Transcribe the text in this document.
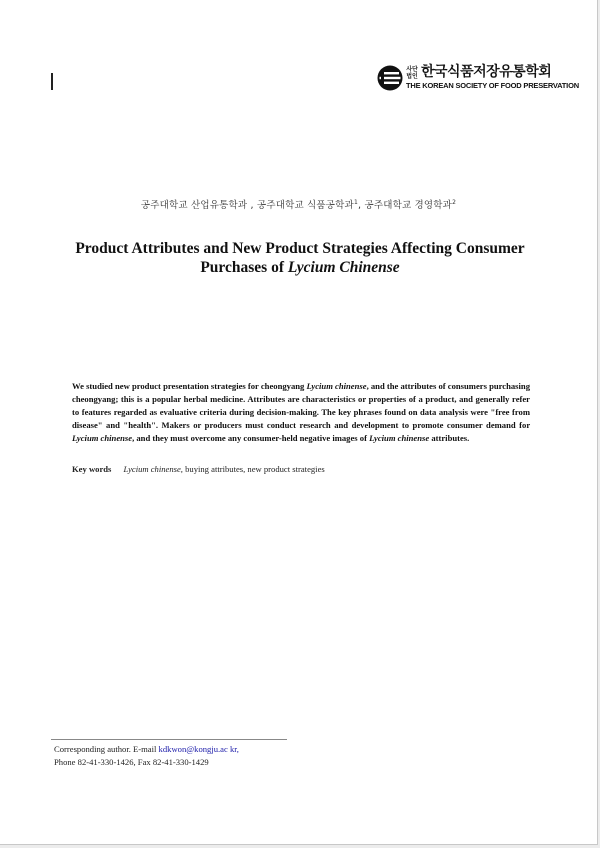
사단법인 한국식품저장유통학회
THE KOREAN SOCIETY OF FOOD PRESERVATION
공주대학교 산업유통학과 , 공주대학교 식품공학과$^1$, 공주대학교 경영학과$^2$
Product Attributes and New Product Strategies Affecting Consumer
Purchases of Lycium Chinense
We studied new product presentation strategies for cheongyang Lycium chinense, and the attributes of consumers purchasing cheongyang; this is a popular herbal medicine. Attributes are characteristics or properties of a product, and generally refer to features regarded as evaluative criteria during decision-making. The key phrases found on data analysis were "free from disease" and "health". Makers or producers must conduct research and development to promote consumer demand for Lycium chinense, and they must overcome any consumer-held negative images of Lycium chinense attributes.
Key words Lycium chinense, buying attributes, new product strategies
Corresponding author. E-mail kdkwon@kongju.ac kr,
Phone 82-41-330-1426, Fax 82-41-330-1429
